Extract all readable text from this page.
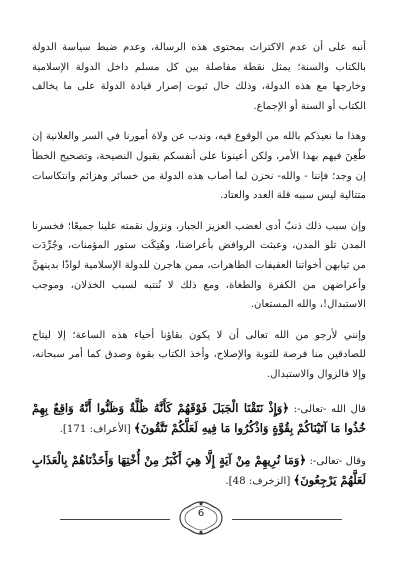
أنبه على أن عدم الاكتراث بمحتوى هذه الرسالة، وعدم ضبط سياسة الدولة بالكتاب والسنة؛ يمثل نقطة مفاصلة بين كل مسلم داخل الدولة الإسلامية وخارجها مع هذه الدولة، وذلك حال ثبوت إصرار قيادة الدولة على ما يخالف الكتاب أو السنة أو الإجماع.

وهذا ما نعيذكم بالله من الوقوع فيه، وندب عن ولاة أمورنا في السر والعلانية إن طُعِنَ فيهم بهذا الأمر، ولكن أعينونا على أنفسكم بقبول النصيحة، وتصحيح الخطأ إن وجد؛ فإننا - والله- نحزن لما أصاب هذه الدولة من خسائر وهزائم وانتكاسات متتالية ليس سببه قلة العدد والعتاد.

وإن سبب ذلك ذنبٌ أدى لغضب العزيز الجبار، ونزول نقمته علينا جميعًا؛ فخسرنا المدن تلو المدن، وعبثت الروافض بأعراضنا، وهُتِكَت ستور المؤمنات، وجُرِّدَت من ثيابهن أخواتنا العفيفات الطاهرات، ممن هاجرن للدولة الإسلامية لواذًا بدينهنَّ وأعراضهن من الكفرة والطغاة، ومع ذلك لا نُنتبه لسبب الخذلان، وموجب الاستبدال!، والله المستعان.

وإنني لأرجو من الله تعالى أن لا يكون بقاؤنا أحياء هذه الساعة؛ إلا ليتاح للصادقين منا فرصة للتوبة والإصلاح، وأخذ الكتاب بقوة وصدق كما أمر سبحانه، وإلا فالزوال والاستبدال.

قال الله -تعالى-: ﴿وَإِذْ نَتَقْنَا الْجَبَلَ فَوْقَهُمْ كَأَنَّهُ ظُلَّةٌ وَظَنُّوا أَنَّهُ وَاقِعٌ بِهِمْ خُذُوا مَا آتَيْنَاكُمْ بِقُوَّةٍ وَاذْكُرُوا مَا فِيهِ لَعَلَّكُمْ تَتَّقُونَ﴾ [الأعراف: 171].

وقال -تعالى-: ﴿وَمَا نُرِيهِمْ مِنْ آيَةٍ إِلَّا هِيَ أَكْبَرُ مِنْ أُخْتِهَا وَأَخَذْنَاهُمْ بِالْعَذَابِ لَعَلَّهُمْ يَرْجِعُونَ﴾ [الزخرف: 48].

6
